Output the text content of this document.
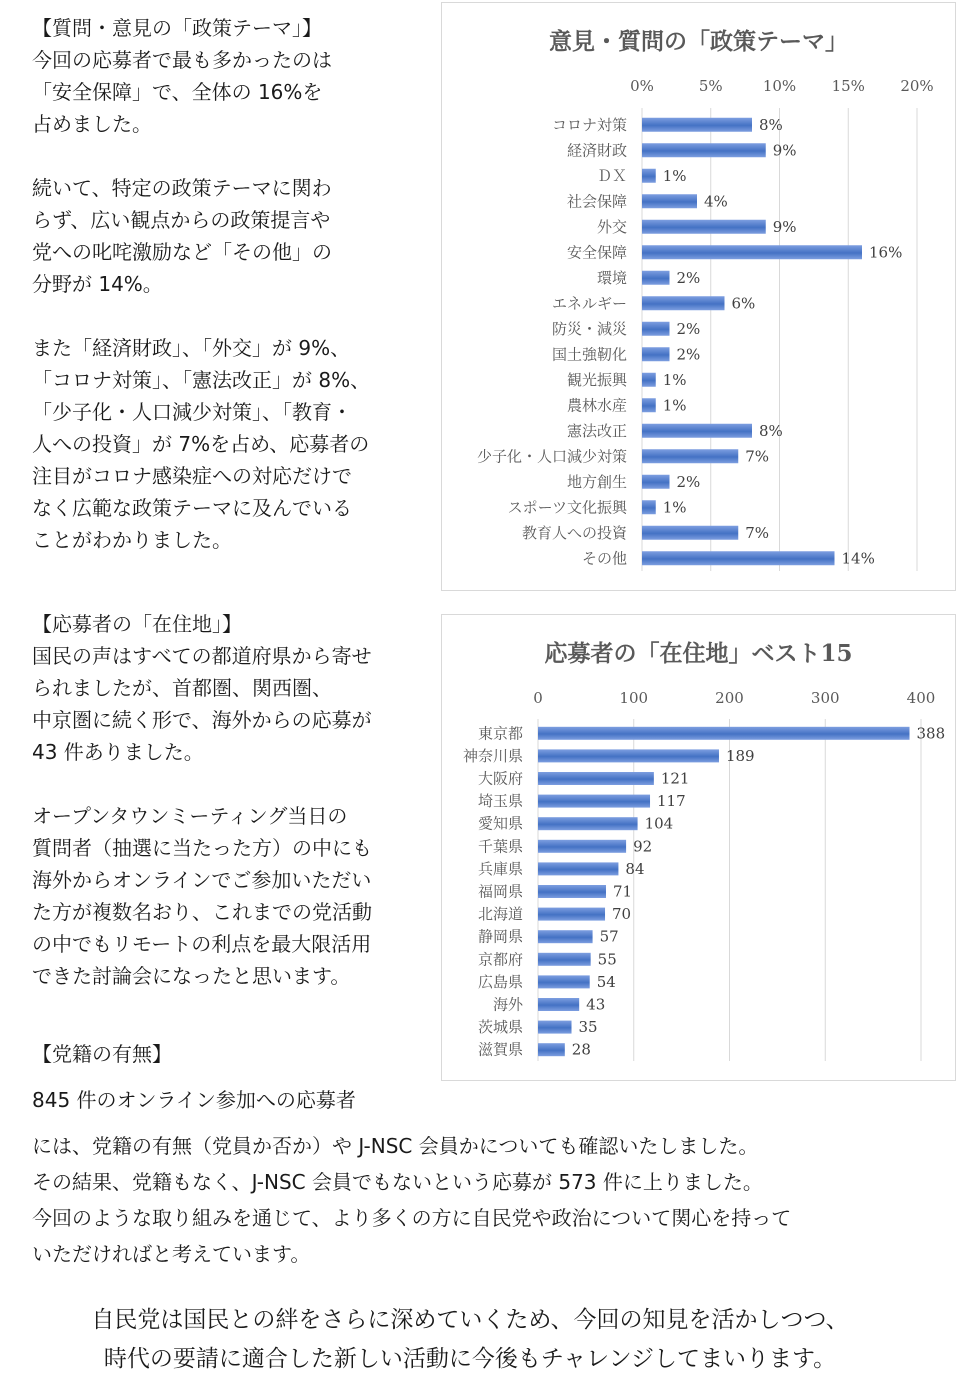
【質問・意見の「政策テーマ」】
今回の応募者で最も多かったのは
「安全保障」で、全体の 16%を
占めました。
続いて、特定の政策テーマに関わ
らず、広い観点からの政策提言や
党への叱咤激励など「その他」の
分野が 14%。
また「経済財政」、「外交」が 9%、
「コロナ対策」、「憲法改正」が 8%、
「少子化・人口減少対策」、「教育・
人への投資」が 7%を占め、応募者の
注目がコロナ感染症への対応だけで
なく広範な政策テーマに及んでいる
ことがわかりました。
【応募者の「在住地」】
国民の声はすべての都道府県から寄せ
られましたが、首都圏、関西圏、
中京圏に続く形で、海外からの応募が
43 件ありました。
オープンタウンミーティング当日の
質問者（抽選に当たった方）の中にも
海外からオンラインでご参加いただい
た方が複数名おり、これまでの党活動
の中でもリモートの利点を最大限活用
できた討論会になったと思います。
【党籍の有無】
845 件のオンライン参加への応募者
には、党籍の有無（党員か否か）や J-NSC 会員かについても確認いたしました。
その結果、党籍もなく、J-NSC 会員でもないという応募が 573 件に上りました。
今回のような取り組みを通じて、より多くの方に自民党や政治について関心を持って
いただければと考えています。
意見・質問の「政策テーマ」
0%	5%	10% 15% 20%
コロナ対策	8%
経済財政	9%
ＤＸ 1%
社会保障	4%
外交	9%
安全保障	16%
環境	2%
エネルギー	6%
防災・減災	2%
国土強靭化	2%
観光振興 1%
農林水産 1%
憲法改正	8%
少子化・人口減少対策	7%
地方創生	2%
スポーツ文化振興 1%
教育人への投資	7%
その他	14%
応募者の「在住地」ベスト15
0	100	200	300	400
東京都	388
神奈川県	189
大阪府	121
埼玉県	117
愛知県	104
千葉県	92
兵庫県	84
福岡県	71
北海道	70
静岡県	57
京都府	55
広島県	54
海外	43
茨城県	35
滋賀県	28
自民党は国民との絆をさらに深めていくため、今回の知見を活かしつつ、
時代の要請に適合した新しい活動に今後もチャレンジしてまいります。
